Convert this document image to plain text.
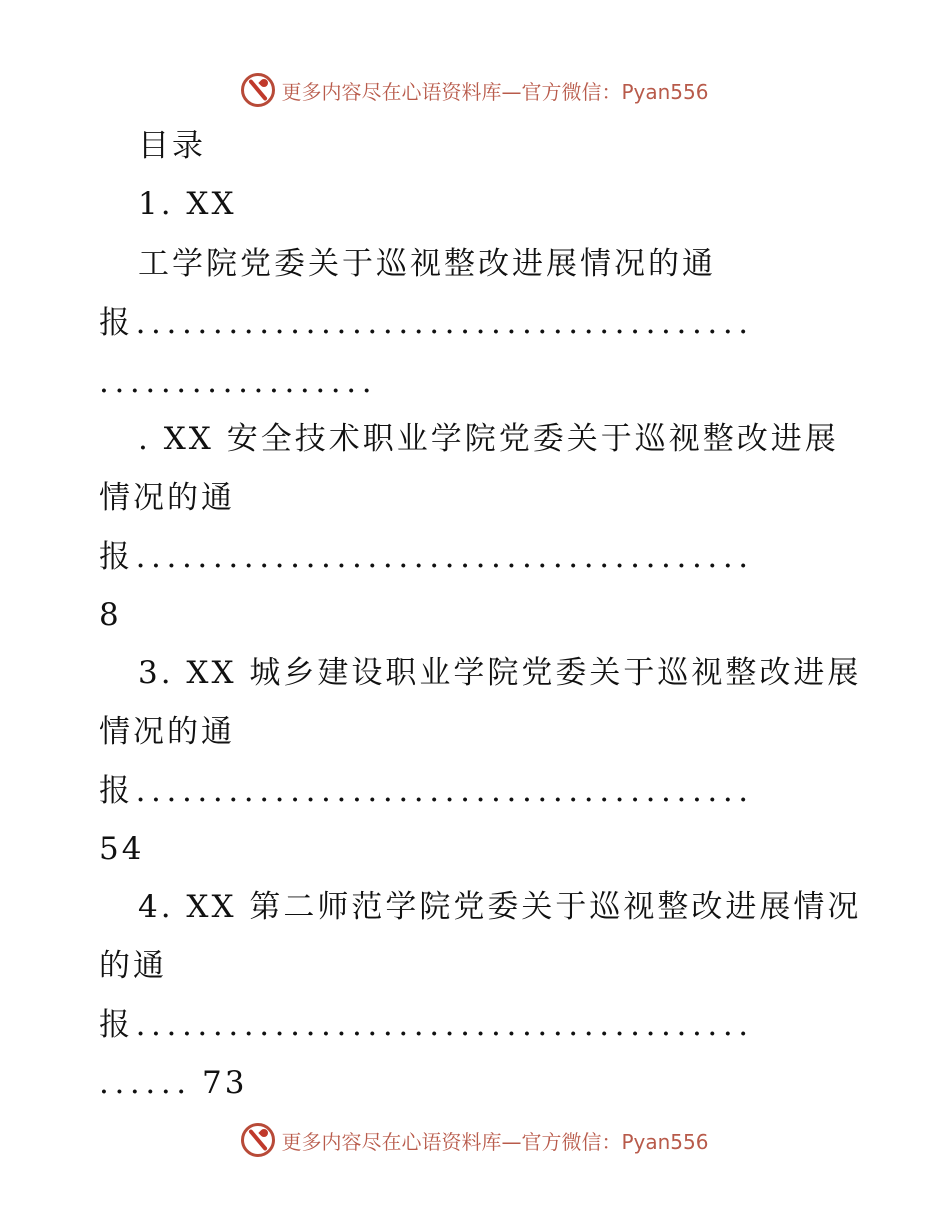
更多内容尽在心语资料库—官方微信：Pyan556
目录
1. XX
工学院党委关于巡视整改进展情况的通
报........................................
..................
. XX 安全技术职业学院党委关于巡视整改进展
情况的通
报........................................
8
3. XX 城乡建设职业学院党委关于巡视整改进展
情况的通
报........................................
54
4. XX 第二师范学院党委关于巡视整改进展情况
的通
报........................................
...... 73
更多内容尽在心语资料库—官方微信：Pyan556
